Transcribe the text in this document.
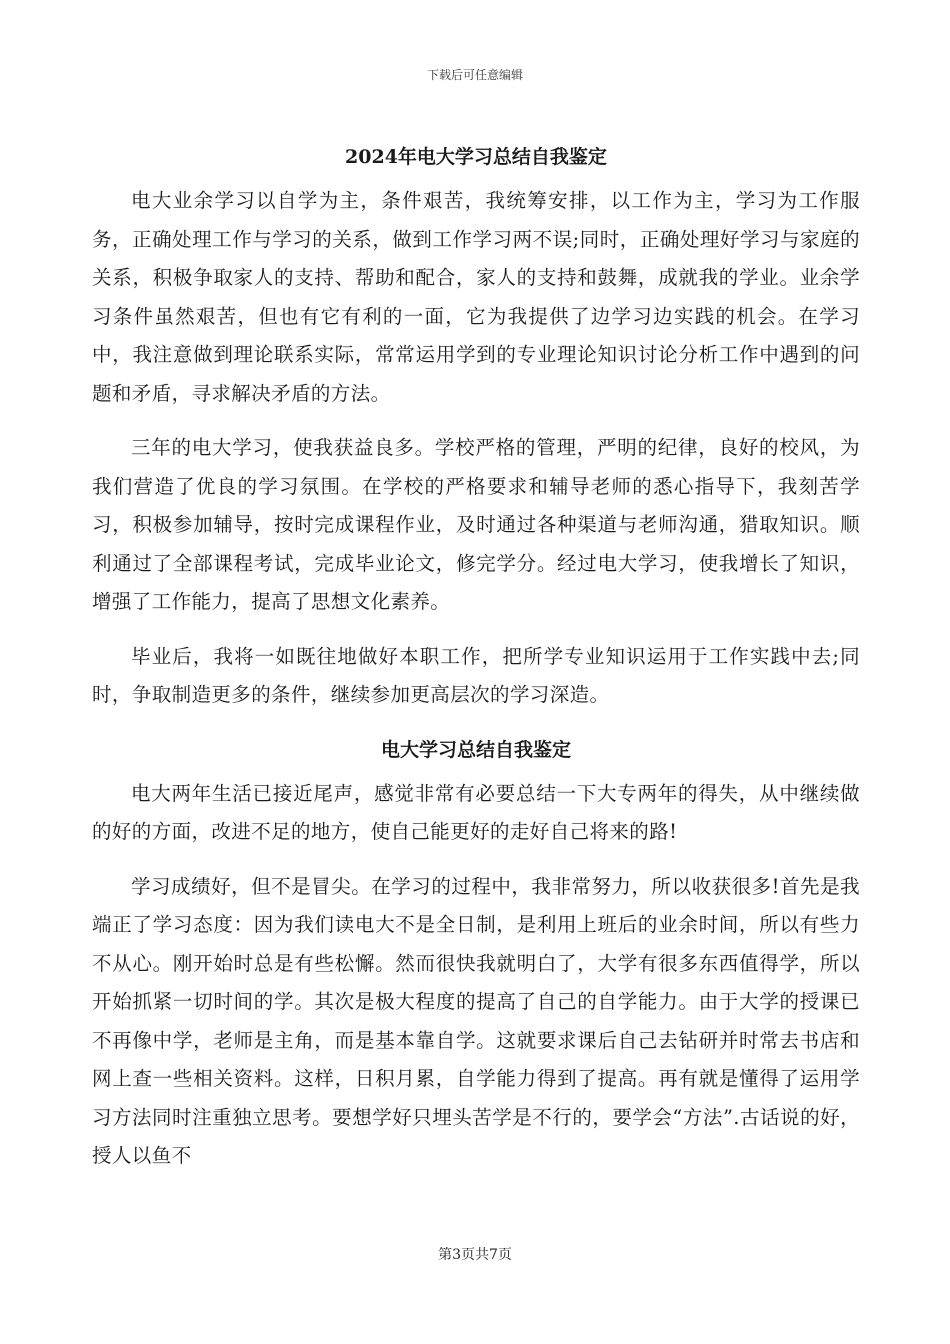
下载后可任意编辑
2024年电大学习总结自我鉴定

电大业余学习以自学为主，条件艰苦，我统筹安排，以工作为主，学习为工作服务，正确处理工作与学习的关系，做到工作学习两不误;同时，正确处理好学习与家庭的关系，积极争取家人的支持、帮助和配合，家人的支持和鼓舞，成就我的学业。业余学习条件虽然艰苦，但也有它有利的一面，它为我提供了边学习边实践的机会。在学习中，我注意做到理论联系实际，常常运用学到的专业理论知识讨论分析工作中遇到的问题和矛盾，寻求解决矛盾的方法。

三年的电大学习，使我获益良多。学校严格的管理，严明的纪律，良好的校风，为我们营造了优良的学习氛围。在学校的严格要求和辅导老师的悉心指导下，我刻苦学习，积极参加辅导，按时完成课程作业，及时通过各种渠道与老师沟通，猎取知识。顺利通过了全部课程考试，完成毕业论文，修完学分。经过电大学习，使我增长了知识，增强了工作能力，提高了思想文化素养。

毕业后，我将一如既往地做好本职工作，把所学专业知识运用于工作实践中去;同时，争取制造更多的条件，继续参加更高层次的学习深造。

电大学习总结自我鉴定

电大两年生活已接近尾声，感觉非常有必要总结一下大专两年的得失，从中继续做的好的方面，改进不足的地方，使自己能更好的走好自己将来的路!

学习成绩好，但不是冒尖。在学习的过程中，我非常努力，所以收获很多!首先是我端正了学习态度：因为我们读电大不是全日制，是利用上班后的业余时间，所以有些力不从心。刚开始时总是有些松懈。然而很快我就明白了，大学有很多东西值得学，所以开始抓紧一切时间的学。其次是极大程度的提高了自己的自学能力。由于大学的授课已不再像中学，老师是主角，而是基本靠自学。这就要求课后自己去钻研并时常去书店和网上查一些相关资料。这样，日积月累，自学能力得到了提高。再有就是懂得了运用学习方法同时注重独立思考。要想学好只埋头苦学是不行的，要学会“方法”.古话说的好，授人以鱼不

第3页共7页
